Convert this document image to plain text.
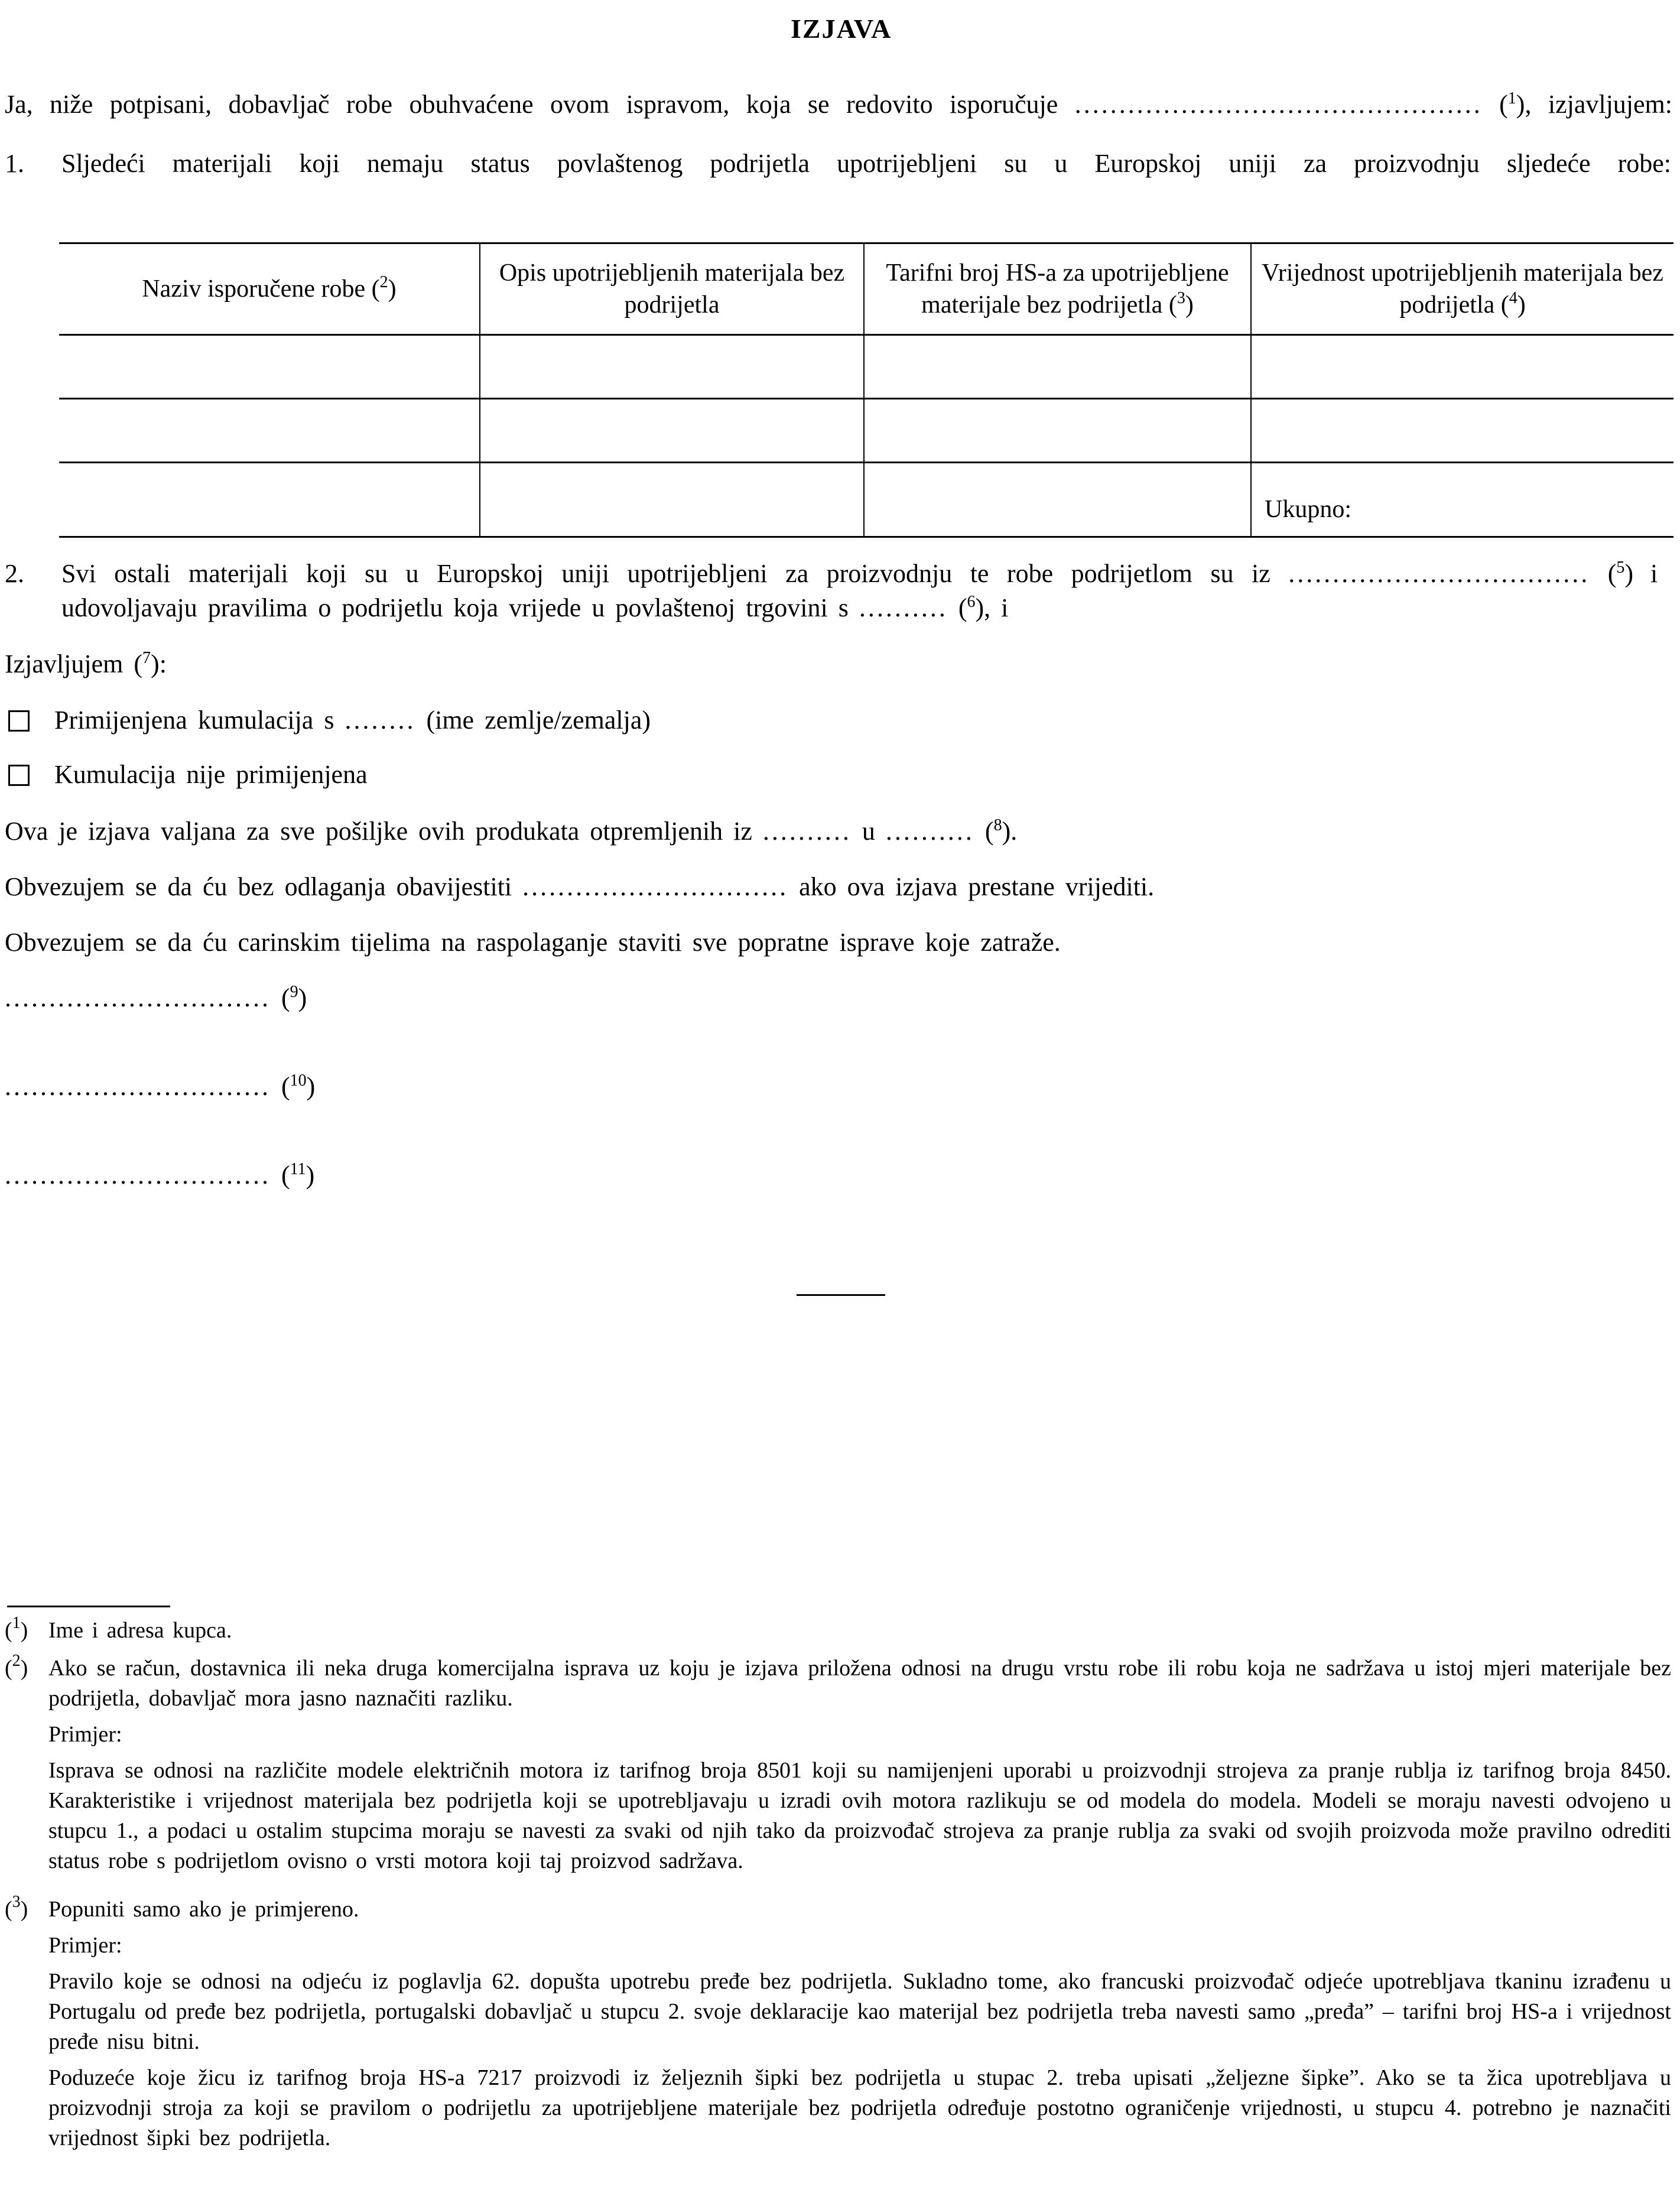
IZJAVA
Ja, niže potpisani, dobavljač robe obuhvaćene ovom ispravom, koja se redovito isporučuje .............................................. ($^1$), izjavljujem:
1. Sljedeći materijali koji nemaju status povlaštenog podrijetla upotrijebljeni su u Europskoj uniji za proizvodnju sljedeće robe:
Naziv isporučene robe ($^2$)	Opis upotrijebljenih materijala bez podrijetla	Tarifni broj HS-a za upotrijebljene materijale bez podrijetla ($^3$)	Vrijednost upotrijebljenih materijala bez podrijetla ($^4$)

			Ukupno:
2. Svi ostali materijali koji su u Europskoj uniji upotrijebljeni za proizvodnju te robe podrijetlom su iz .................................. ($^5$) i
udovoljavaju pravilima o podrijetlu koja vrijede u povlaštenoj trgovini s .......... ($^6$), i
Izjavljujem ($^7$):
Primijenjena kumulacija s ........ (ime zemlje/zemalja)
Kumulacija nije primijenjena
Ova je izjava valjana za sve pošiljke ovih produkata otpremljenih iz .......... u .......... ($^8$).
Obvezujem se da ću bez odlaganja obavijestiti .............................. ako ova izjava prestane vrijediti.
Obvezujem se da ću carinskim tijelima na raspolaganje staviti sve popratne isprave koje zatraže.
.............................. ($^9$)
.............................. ($^{10}$)
.............................. ($^{11}$)
($^1$) Ime i adresa kupca.

($^2$) Ako se račun, dostavnica ili neka druga komercijalna isprava uz koju je izjava priložena odnosi na drugu vrstu robe ili robu koja ne sadržava u istoj mjeri materijale bez podrijetla, dobavljač mora jasno naznačiti razliku.

Primjer:

Isprava se odnosi na različite modele električnih motora iz tarifnog broja 8501 koji su namijenjeni uporabi u proizvodnji strojeva za pranje rublja iz tarifnog broja 8450. Karakteristike i vrijednost materijala bez podrijetla koji se upotrebljavaju u izradi ovih motora razlikuju se od modela do modela. Modeli se moraju navesti odvojeno u stupcu 1., a podaci u ostalim stupcima moraju se navesti za svaki od njih tako da proizvođač strojeva za pranje rublja za svaki od svojih proizvoda može pravilno odrediti status robe s podrijetlom ovisno o vrsti motora koji taj proizvod sadržava.

($^3$) Popuniti samo ako je primjereno.

Primjer:

Pravilo koje se odnosi na odjeću iz poglavlja 62. dopušta upotrebu pređe bez podrijetla. Sukladno tome, ako francuski proizvođač odjeće upotrebljava tkaninu izrađenu u Portugalu od pređe bez podrijetla, portugalski dobavljač u stupcu 2. svoje deklaracije kao materijal bez podrijetla treba navesti samo „pređa” – tarifni broj HS-a i vrijednost pređe nisu bitni.

Poduzeće koje žicu iz tarifnog broja HS-a 7217 proizvodi iz željeznih šipki bez podrijetla u stupac 2. treba upisati „željezne šipke”. Ako se ta žica upotrebljava u proizvodnji stroja za koji se pravilom o podrijetlu za upotrijebljene materijale bez podrijetla određuje postotno ograničenje vrijednosti, u stupcu 4. potrebno je naznačiti vrijednost šipki bez podrijetla.
